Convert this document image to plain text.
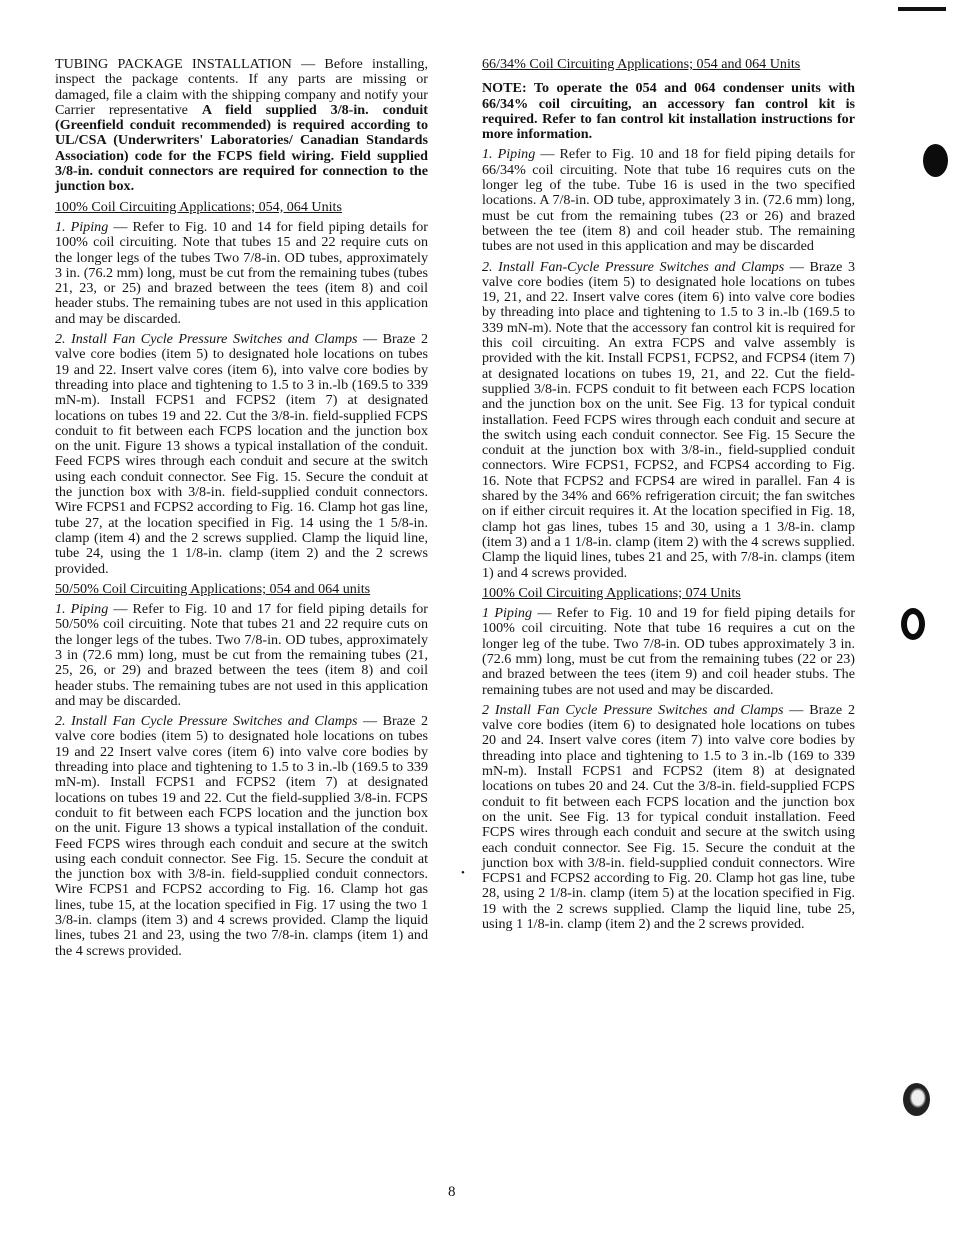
•

TUBING PACKAGE INSTALLATION — Before installing, inspect the package contents. If any parts are missing or damaged, file a claim with the shipping company and notify your Carrier representative A field supplied 3/8-in. conduit (Greenfield conduit recommended) is required according to UL/CSA (Underwriters' Laboratories/ Canadian Standards Association) code for the FCPS field wiring. Field supplied 3/8-in. conduit connectors are required for connection to the junction box.

100% Coil Circuiting Applications; 054, 064 Units

1. Piping — Refer to Fig. 10 and 14 for field piping details for 100% coil circuiting. Note that tubes 15 and 22 require cuts on the longer legs of the tubes Two 7/8-in. OD tubes, approximately 3 in. (76.2 mm) long, must be cut from the remaining tubes (tubes 21, 23, or 25) and brazed between the tees (item 8) and coil header stubs. The remaining tubes are not used in this application and may be discarded.

2. Install Fan Cycle Pressure Switches and Clamps — Braze 2 valve core bodies (item 5) to designated hole locations on tubes 19 and 22. Insert valve cores (item 6), into valve core bodies by threading into place and tightening to 1.5 to 3 in.-lb (169.5 to 339 mN-m). Install FCPS1 and FCPS2 (item 7) at designated locations on tubes 19 and 22. Cut the 3/8-in. field-supplied FCPS conduit to fit between each FCPS location and the junction box on the unit. Figure 13 shows a typical installation of the conduit. Feed FCPS wires through each conduit and secure at the switch using each conduit connector. See Fig. 15. Secure the conduit at the junction box with 3/8-in. field-supplied conduit connectors. Wire FCPS1 and FCPS2 according to Fig. 16. Clamp hot gas line, tube 27, at the location specified in Fig. 14 using the 1 5/8-in. clamp (item 4) and the 2 screws supplied. Clamp the liquid line, tube 24, using the 1 1/8-in. clamp (item 2) and the 2 screws provided.

50/50% Coil Circuiting Applications; 054 and 064 units

1. Piping — Refer to Fig. 10 and 17 for field piping details for 50/50% coil circuiting. Note that tubes 21 and 22 require cuts on the longer legs of the tubes. Two 7/8-in. OD tubes, approximately 3 in (72.6 mm) long, must be cut from the remaining tubes (21, 25, 26, or 29) and brazed between the tees (item 8) and coil header stubs. The remaining tubes are not used in this application and may be discarded.

2. Install Fan Cycle Pressure Switches and Clamps — Braze 2 valve core bodies (item 5) to designated hole locations on tubes 19 and 22 Insert valve cores (item 6) into valve core bodies by threading into place and tightening to 1.5 to 3 in.-lb (169.5 to 339 mN-m). Install FCPS1 and FCPS2 (item 7) at designated locations on tubes 19 and 22. Cut the field-supplied 3/8-in. FCPS conduit to fit between each FCPS location and the junction box on the unit. Figure 13 shows a typical installation of the conduit. Feed FCPS wires through each conduit and secure at the switch using each conduit connector. See Fig. 15. Secure the conduit at the junction box with 3/8-in. field-supplied conduit connectors. Wire FCPS1 and FCPS2 according to Fig. 16. Clamp hot gas lines, tube 15, at the location specified in Fig. 17 using the two 1 3/8-in. clamps (item 3) and 4 screws provided. Clamp the liquid lines, tubes 21 and 23, using the two 7/8-in. clamps (item 1) and the 4 screws provided.

66/34% Coil Circuiting Applications; 054 and 064 Units

NOTE: To operate the 054 and 064 condenser units with 66/34% coil circuiting, an accessory fan control kit is required. Refer to fan control kit installation instructions for more information.

1. Piping — Refer to Fig. 10 and 18 for field piping details for 66/34% coil circuiting. Note that tube 16 requires cuts on the longer leg of the tube. Tube 16 is used in the two specified locations. A 7/8-in. OD tube, approximately 3 in. (72.6 mm) long, must be cut from the remaining tubes (23 or 26) and brazed between the tee (item 8) and coil header stub. The remaining tubes are not used in this application and may be discarded

2. Install Fan-Cycle Pressure Switches and Clamps — Braze 3 valve core bodies (item 5) to designated hole locations on tubes 19, 21, and 22. Insert valve cores (item 6) into valve core bodies by threading into place and tightening to 1.5 to 3 in.-lb (169.5 to 339 mN-m). Note that the accessory fan control kit is required for this coil circuiting. An extra FCPS and valve assembly is provided with the kit. Install FCPS1, FCPS2, and FCPS4 (item 7) at designated locations on tubes 19, 21, and 22. Cut the field-supplied 3/8-in. FCPS conduit to fit between each FCPS location and the junction box on the unit. See Fig. 13 for typical conduit installation. Feed FCPS wires through each conduit and secure at the switch using each conduit connector. See Fig. 15 Secure the conduit at the junction box with 3/8-in., field-supplied conduit connectors. Wire FCPS1, FCPS2, and FCPS4 according to Fig. 16. Note that FCPS2 and FCPS4 are wired in parallel. Fan 4 is shared by the 34% and 66% refrigeration circuit; the fan switches on if either circuit requires it. At the location specified in Fig. 18, clamp hot gas lines, tubes 15 and 30, using a 1 3/8-in. clamp (item 3) and a 1 1/8-in. clamp (item 2) with the 4 screws supplied. Clamp the liquid lines, tubes 21 and 25, with 7/8-in. clamps (item 1) and 4 screws provided.

100% Coil Circuiting Applications; 074 Units

1 Piping — Refer to Fig. 10 and 19 for field piping details for 100% coil circuiting. Note that tube 16 requires a cut on the longer leg of the tube. Two 7/8-in. OD tubes approximately 3 in. (72.6 mm) long, must be cut from the remaining tubes (22 or 23) and brazed between the tees (item 9) and coil header stubs. The remaining tubes are not used and may be discarded.

2 Install Fan Cycle Pressure Switches and Clamps — Braze 2 valve core bodies (item 6) to designated hole locations on tubes 20 and 24. Insert valve cores (item 7) into valve core bodies by threading into place and tightening to 1.5 to 3 in.-lb (169 to 339 mN-m). Install FCPS1 and FCPS2 (item 8) at designated locations on tubes 20 and 24. Cut the 3/8-in. field-supplied FCPS conduit to fit between each FCPS location and the junction box on the unit. See Fig. 13 for typical conduit installation. Feed FCPS wires through each conduit and secure at the switch using each conduit connector. See Fig. 15. Secure the conduit at the junction box with 3/8-in. field-supplied conduit connectors. Wire FCPS1 and FCPS2 according to Fig. 20. Clamp hot gas line, tube 28, using 2 1/8-in. clamp (item 5) at the location specified in Fig. 19 with the 2 screws supplied. Clamp the liquid line, tube 25, using 1 1/8-in. clamp (item 2) and the 2 screws provided.

8
